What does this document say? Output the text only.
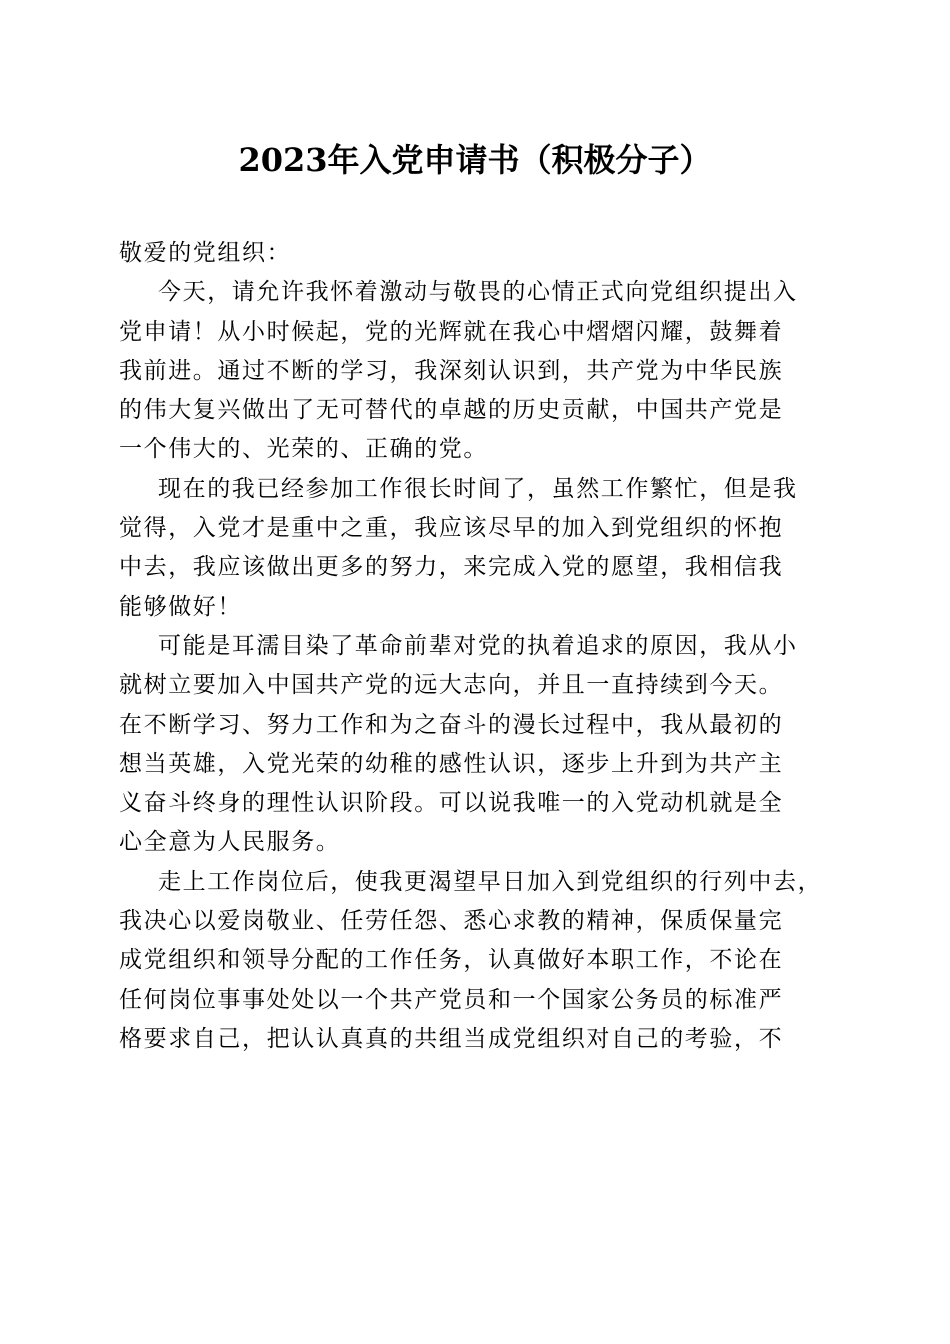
2023年入党申请书（积极分子）
敬爱的党组织：
今天，请允许我怀着激动与敬畏的心情正式向党组织提出入
党申请！从小时候起，党的光辉就在我心中熠熠闪耀，鼓舞着
我前进。通过不断的学习，我深刻认识到，共产党为中华民族
的伟大复兴做出了无可替代的卓越的历史贡献，中国共产党是
一个伟大的、光荣的、正确的党。
现在的我已经参加工作很长时间了，虽然工作繁忙，但是我
觉得，入党才是重中之重，我应该尽早的加入到党组织的怀抱
中去，我应该做出更多的努力，来完成入党的愿望，我相信我
能够做好！
可能是耳濡目染了革命前辈对党的执着追求的原因，我从小
就树立要加入中国共产党的远大志向，并且一直持续到今天。
在不断学习、努力工作和为之奋斗的漫长过程中，我从最初的
想当英雄，入党光荣的幼稚的感性认识，逐步上升到为共产主
义奋斗终身的理性认识阶段。可以说我唯一的入党动机就是全
心全意为人民服务。
走上工作岗位后，使我更渴望早日加入到党组织的行列中去，
我决心以爱岗敬业、任劳任怨、悉心求教的精神，保质保量完
成党组织和领导分配的工作任务，认真做好本职工作，不论在
任何岗位事事处处以一个共产党员和一个国家公务员的标准严
格要求自己，把认认真真的共组当成党组织对自己的考验，不
